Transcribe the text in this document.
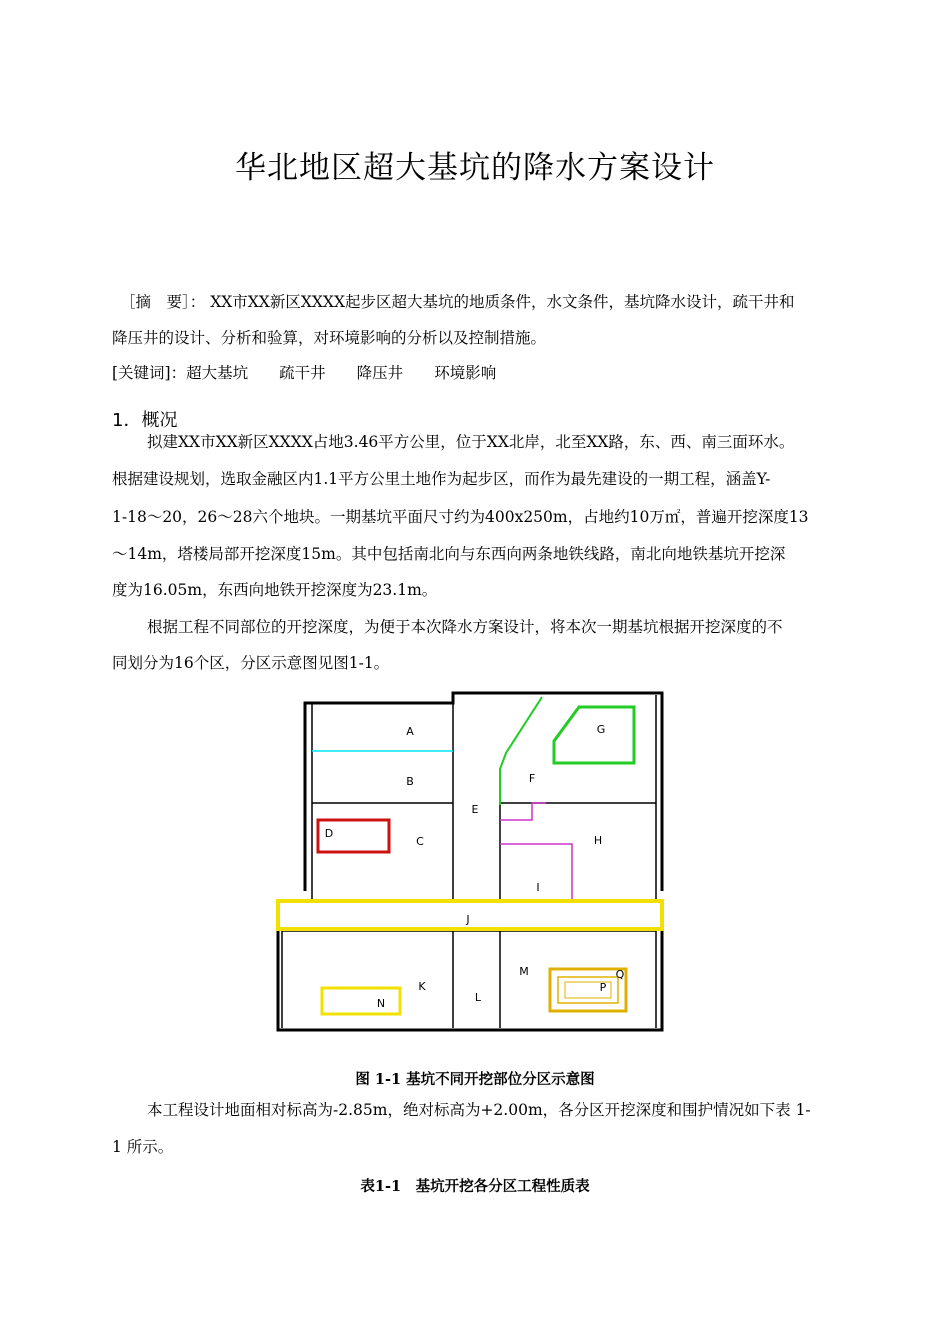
华北地区超大基坑的降水方案设计
［摘　要］： XX市XX新区XXXX起步区超大基坑的地质条件，水文条件，基坑降水设计，疏干井和
降压井的设计、分析和验算，对环境影响的分析以及控制措施。
[关键词]：超大基坑　　 疏干井　　 降压井　　 环境影响
1．概况
拟建XX市XX新区XXXX占地3.46平方公里，位于XX北岸，北至XX路，东、西、南三面环水。
根据建设规划，选取金融区内1.1平方公里土地作为起步区，而作为最先建设的一期工程，涵盖Y-
1-18～20，26～28六个地块。一期基坑平面尺寸约为400x250m，占地约10万㎡，普遍开挖深度13
～14m，塔楼局部开挖深度15m。其中包括南北向与东西向两条地铁线路，南北向地铁基坑开挖深
度为16.05m，东西向地铁开挖深度为23.1m。
根据工程不同部位的开挖深度，为便于本次降水方案设计，将本次一期基坑根据开挖深度的不
同划分为16个区，分区示意图见图1-1。
A
B
C
D
E
F
G
H
I
J
K
L
M
N
P
Q
图 1-1 基坑不同开挖部位分区示意图
本工程设计地面相对标高为-2.85m，绝对标高为+2.00m，各分区开挖深度和围护情况如下表 1-
1 所示。
表1-1　基坑开挖各分区工程性质表
